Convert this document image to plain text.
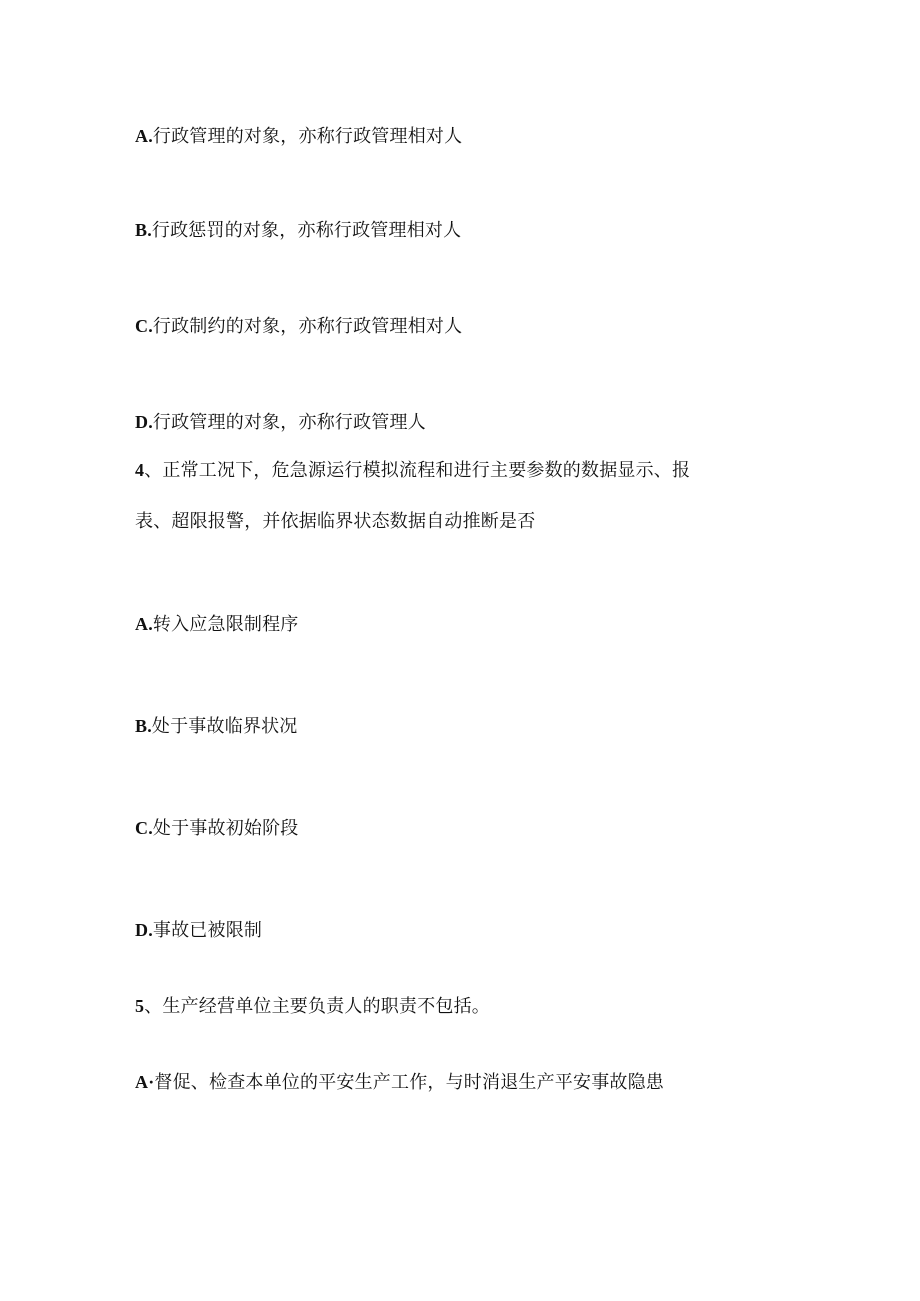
A.行政管理的对象，亦称行政管理相对人
B.行政惩罚的对象，亦称行政管理相对人
C.行政制约的对象，亦称行政管理相对人
D.行政管理的对象，亦称行政管理人
4、正常工况下，危急源运行模拟流程和进行主要参数的数据显示、报
表、超限报警，并依据临界状态数据自动推断是否
A.转入应急限制程序
B.处于事故临界状况
C.处于事故初始阶段
D.事故已被限制
5、生产经营单位主要负责人的职责不包括。
A·督促、检查本单位的平安生产工作，与时消退生产平安事故隐患
